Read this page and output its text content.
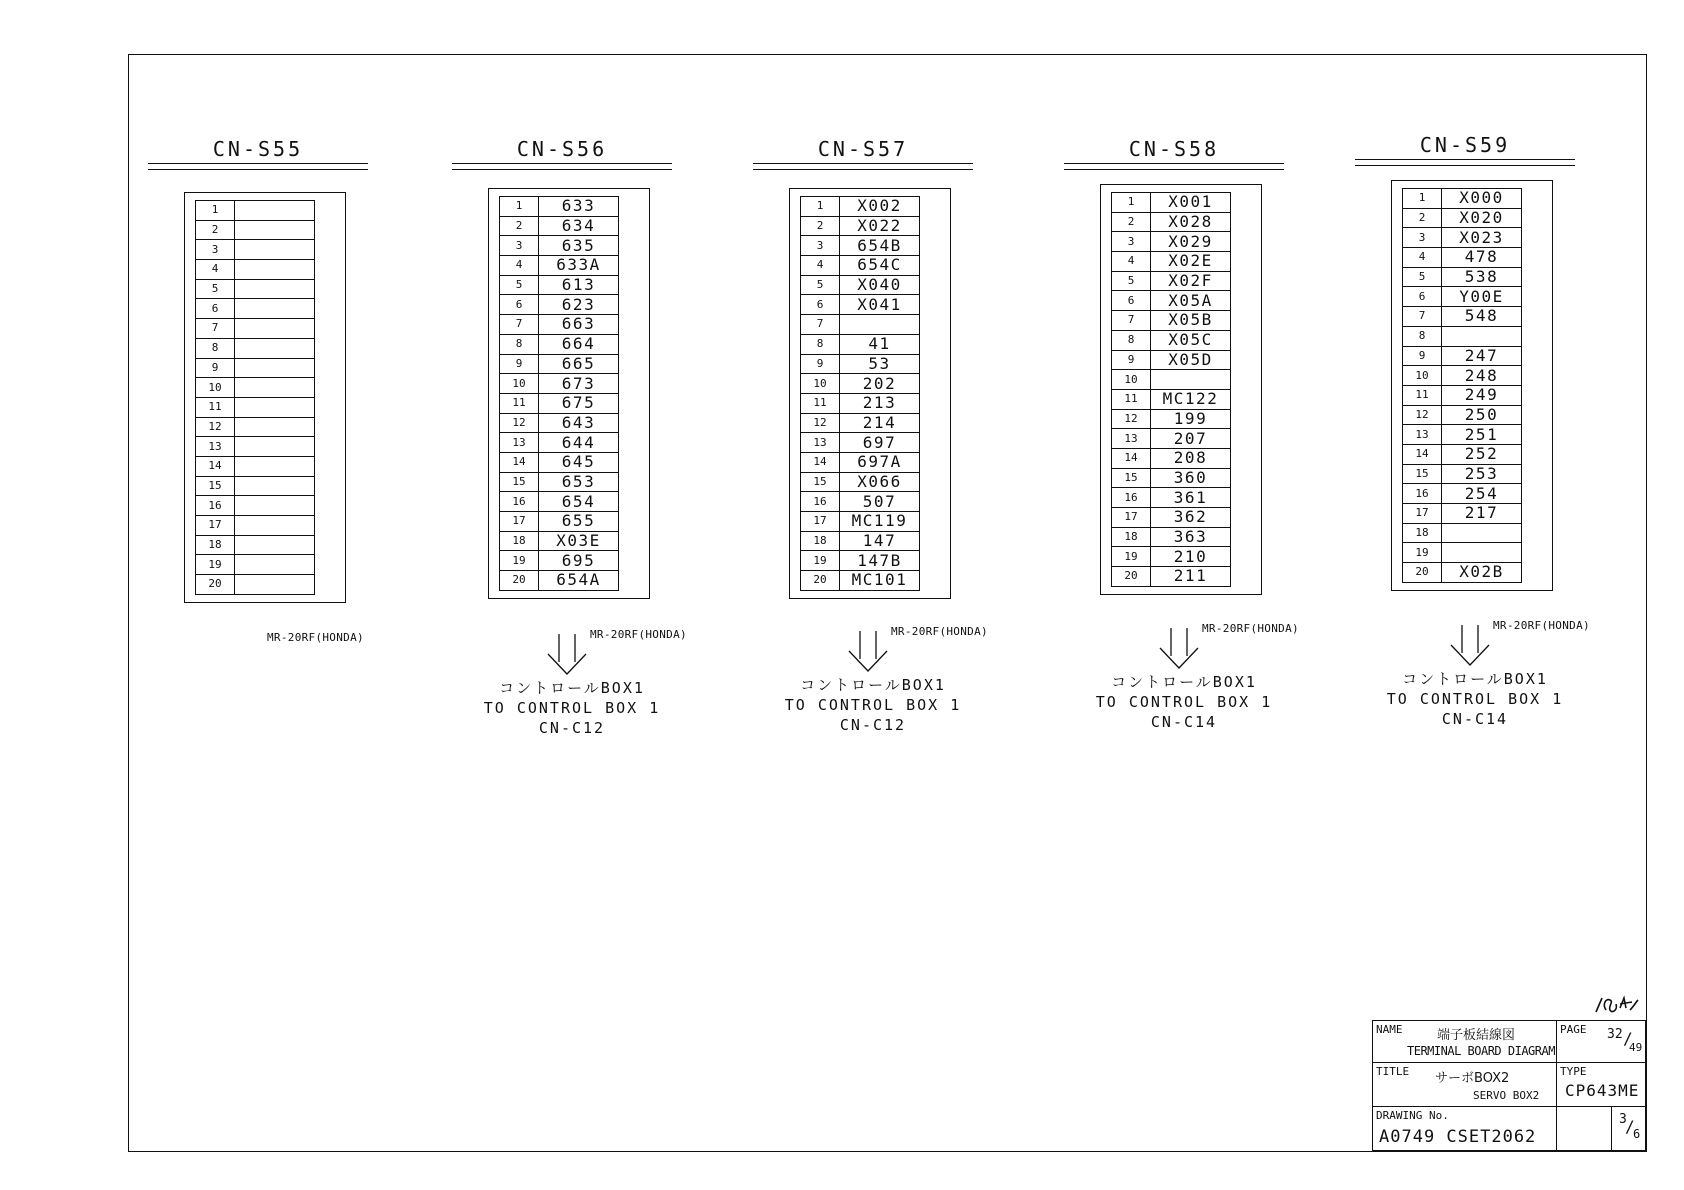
CN-S55
1	
2	
3	
4	
5	
6	
7	
8	
9	
10	
11	
12	
13	
14	
15	
16	
17	
18	
19	
20	
MR-20RF(HONDA)
CN-S56
1	633
2	634
3	635
4	633A
5	613
6	623
7	663
8	664
9	665
10	673
11	675
12	643
13	644
14	645
15	653
16	654
17	655
18	X03E
19	695
20	654A
MR-20RF(HONDA)
コントロールBOX1
TO CONTROL BOX 1
CN-C12
CN-S57
1	X002
2	X022
3	654B
4	654C
5	X040
6	X041
7	
8	41
9	53
10	202
11	213
12	214
13	697
14	697A
15	X066
16	507
17	MC119
18	147
19	147B
20	MC101
MR-20RF(HONDA)
コントロールBOX1
TO CONTROL BOX 1
CN-C12
CN-S58
1	X001
2	X028
3	X029
4	X02E
5	X02F
6	X05A
7	X05B
8	X05C
9	X05D
10	
11	MC122
12	199
13	207
14	208
15	360
16	361
17	362
18	363
19	210
20	211
MR-20RF(HONDA)
コントロールBOX1
TO CONTROL BOX 1
CN-C14
CN-S59
1	X000
2	X020
3	X023
4	478
5	538
6	Y00E
7	548
8	
9	247
10	248
11	249
12	250
13	251
14	252
15	253
16	254
17	217
18	
19	
20	X02B
MR-20RF(HONDA)
コントロールBOX1
TO CONTROL BOX 1
CN-C14
NAME	端子板結線図
TERMINAL BOARD DIAGRAM
PAGE 32 /
49
TITLE サーボBOX2
SERVO BOX2
TYPE
CP643ME
DRAWING No.
A0749 CSET2062
3
/
6
